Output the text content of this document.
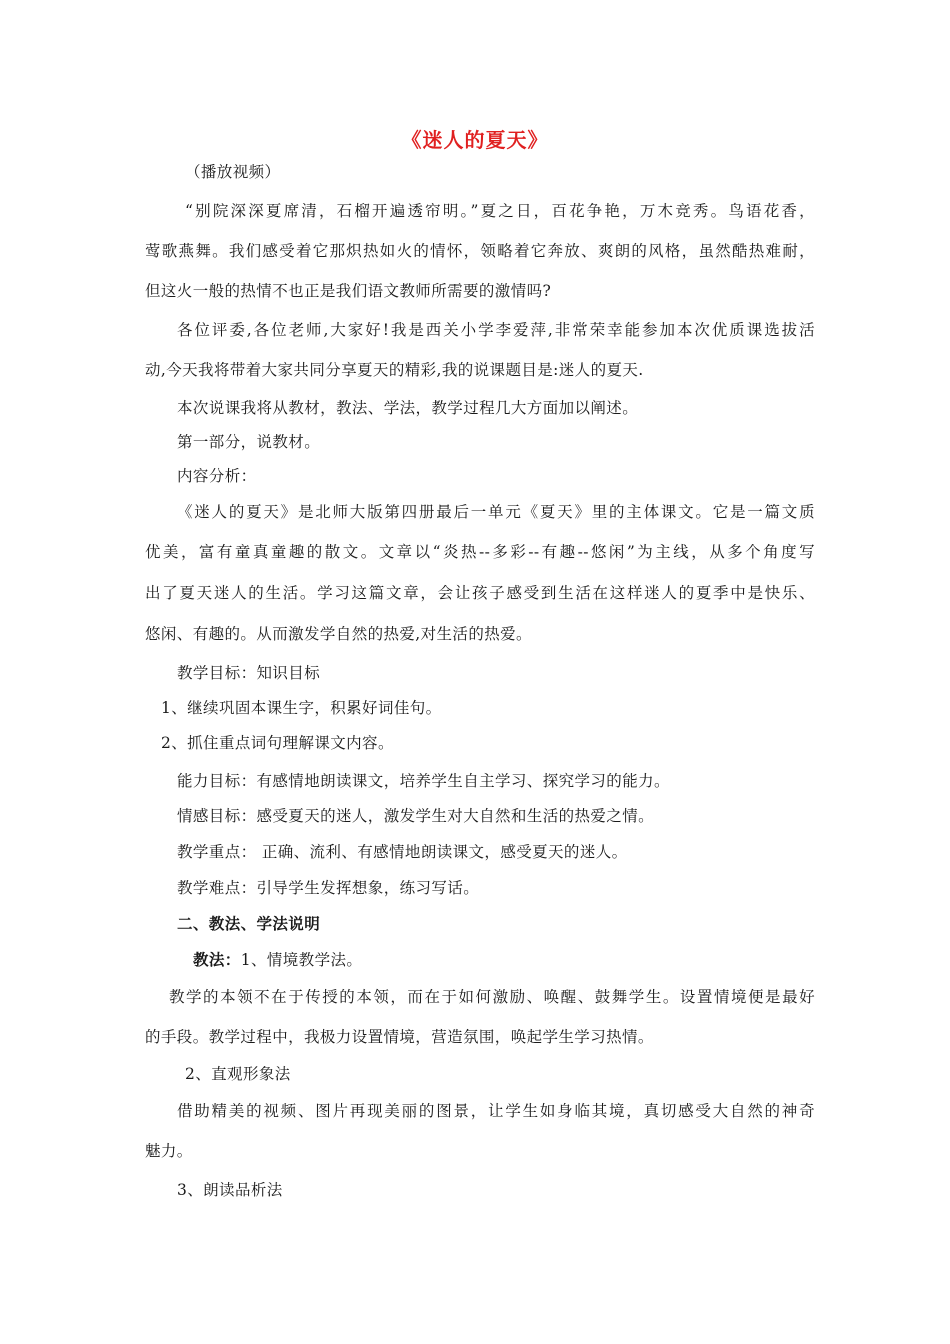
《迷人的夏天》
（播放视频）
“别院深深夏席清，石榴开遍透帘明。”夏之日，百花争艳，万木竞秀。鸟语花香，
莺歌燕舞。我们感受着它那炽热如火的情怀，领略着它奔放、爽朗的风格，虽然酷热难耐，
但这火一般的热情不也正是我们语文教师所需要的激情吗?
各位评委,各位老师,大家好!我是西关小学李爱萍,非常荣幸能参加本次优质课选拔活
动,今天我将带着大家共同分享夏天的精彩,我的说课题目是:迷人的夏天.
本次说课我将从教材，教法、学法，教学过程几大方面加以阐述。
第一部分，说教材。
内容分析：
《迷人的夏天》是北师大版第四册最后一单元《夏天》里的主体课文。它是一篇文质
优美，富有童真童趣的散文。文章以“炎热--多彩--有趣--悠闲”为主线，从多个角度写
出了夏天迷人的生活。学习这篇文章，会让孩子感受到生活在这样迷人的夏季中是快乐、
悠闲、有趣的。从而激发学自然的热爱,对生活的热爱。
教学目标：知识目标
1、继续巩固本课生字，积累好词佳句。
2、抓住重点词句理解课文内容。
能力目标：有感情地朗读课文，培养学生自主学习、探究学习的能力。
情感目标：感受夏天的迷人，激发学生对大自然和生活的热爱之情。
教学重点： 正确、流利、有感情地朗读课文，感受夏天的迷人。
教学难点：引导学生发挥想象，练习写话。
二、教法、学法说明
教法：1、情境教学法。
教学的本领不在于传授的本领，而在于如何激励、唤醒、鼓舞学生。设置情境便是最好
的手段。教学过程中，我极力设置情境，营造氛围，唤起学生学习热情。
2、直观形象法
借助精美的视频、图片再现美丽的图景，让学生如身临其境，真切感受大自然的神奇
魅力。
3、朗读品析法
